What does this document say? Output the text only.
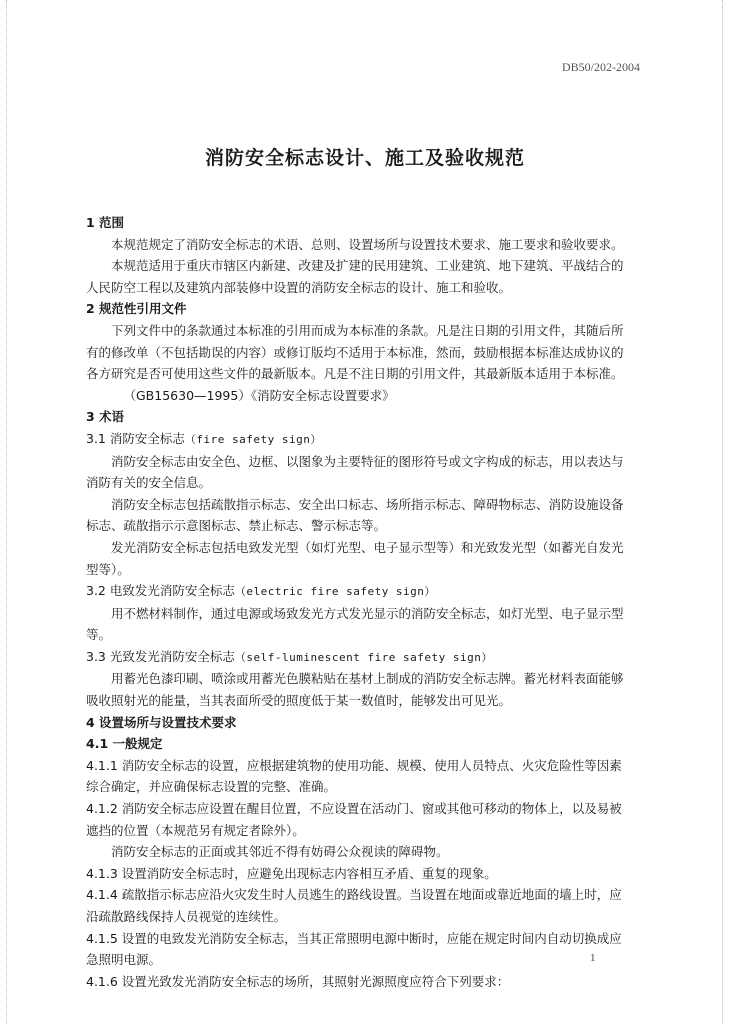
DB50/202-2004
消防安全标志设计、施工及验收规范

1 范围

本规范规定了消防安全标志的术语、总则、设置场所与设置技术要求、施工要求和验收要求。

本规范适用于重庆市辖区内新建、改建及扩建的民用建筑、工业建筑、地下建筑、平战结合的人民防空工程以及建筑内部装修中设置的消防安全标志的设计、施工和验收。

2 规范性引用文件

下列文件中的条款通过本标准的引用而成为本标准的条款。凡是注日期的引用文件，其随后所有的修改单（不包括勘误的内容）或修订版均不适用于本标准，然而，鼓励根据本标准达成协议的各方研究是否可使用这些文件的最新版本。凡是不注日期的引用文件，其最新版本适用于本标准。

（GB15630—1995）《消防安全标志设置要求》

3 术语

3.1 消防安全标志（fire safety sign）

消防安全标志由安全色、边框、以图象为主要特征的图形符号或文字构成的标志，用以表达与消防有关的安全信息。

消防安全标志包括疏散指示标志、安全出口标志、场所指示标志、障碍物标志、消防设施设备标志、疏散指示示意图标志、禁止标志、警示标志等。

发光消防安全标志包括电致发光型（如灯光型、电子显示型等）和光致发光型（如蓄光自发光型等）。

3.2 电致发光消防安全标志（electric fire safety sign）

用不燃材料制作，通过电源或场致发光方式发光显示的消防安全标志，如灯光型、电子显示型等。

3.3 光致发光消防安全标志（self-luminescent fire safety sign）

用蓄光色漆印刷、喷涂或用蓄光色膜粘贴在基材上制成的消防安全标志牌。蓄光材料表面能够吸收照射光的能量，当其表面所受的照度低于某一数值时，能够发出可见光。

4 设置场所与设置技术要求

4.1 一般规定

4.1.1 消防安全标志的设置，应根据建筑物的使用功能、规模、使用人员特点、火灾危险性等因素综合确定，并应确保标志设置的完整、准确。

4.1.2 消防安全标志应设置在醒目位置，不应设置在活动门、窗或其他可移动的物体上，以及易被遮挡的位置（本规范另有规定者除外）。

消防安全标志的正面或其邻近不得有妨碍公众视读的障碍物。

4.1.3 设置消防安全标志时，应避免出现标志内容相互矛盾、重复的现象。

4.1.4 疏散指示标志应沿火灾发生时人员逃生的路线设置。当设置在地面或靠近地面的墙上时，应沿疏散路线保持人员视觉的连续性。

4.1.5 设置的电致发光消防安全标志，当其正常照明电源中断时，应能在规定时间内自动切换成应急照明电源。

4.1.6 设置光致发光消防安全标志的场所，其照射光源照度应符合下列要求：

1
